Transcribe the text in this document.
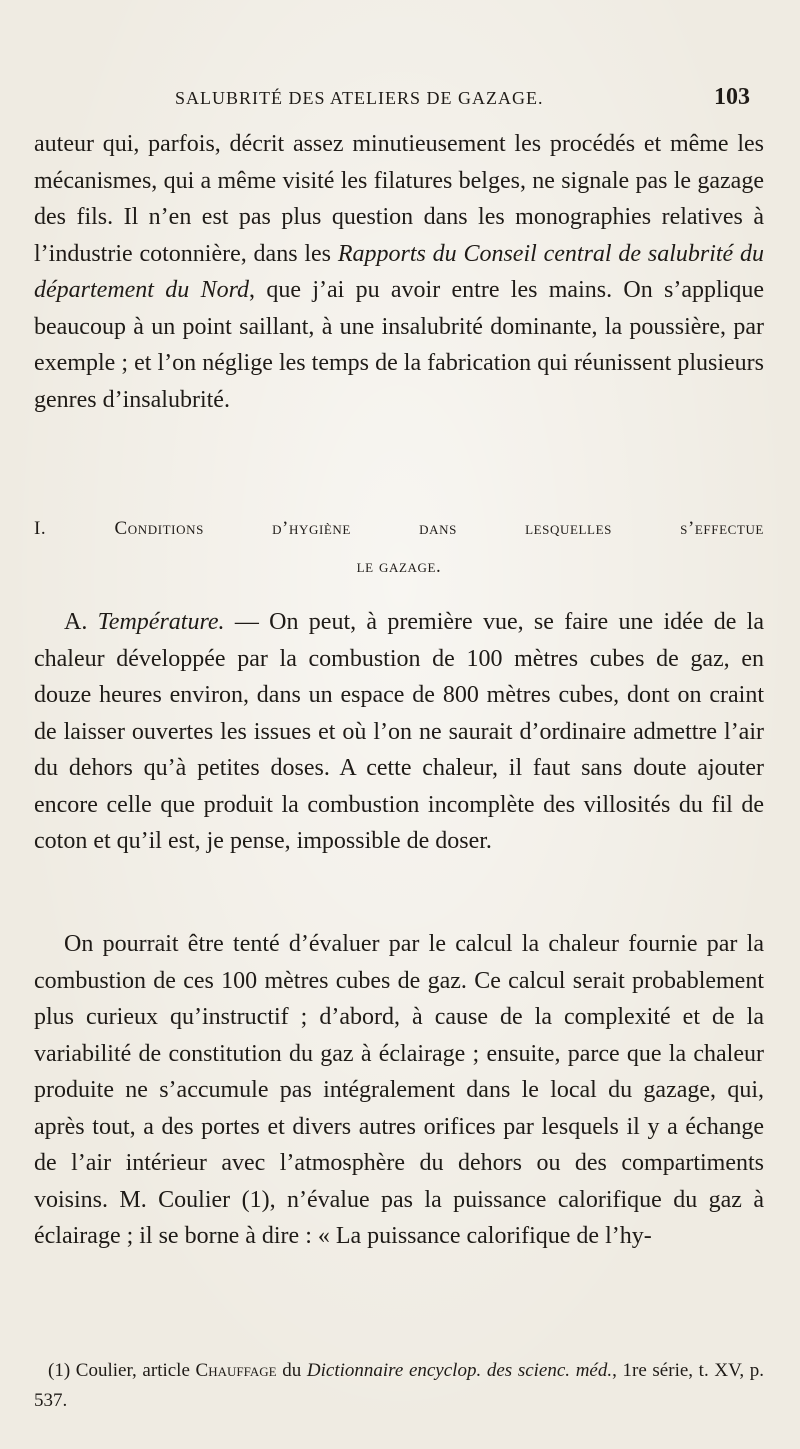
SALUBRITÉ DES ATELIERS DE GAZAGE.	103
auteur qui, parfois, décrit assez minutieusement les procédés et même les mécanismes, qui a même visité les filatures belges, ne signale pas le gazage des fils. Il n’en est pas plus question dans les monographies relatives à l’industrie cotonnière, dans les Rapports du Conseil central de salubrité du département du Nord, que j’ai pu avoir entre les mains. On s’applique beaucoup à un point saillant, à une insalubrité dominante, la poussière, par exemple ; et l’on néglige les temps de la fabrication qui réunissent plusieurs genres d’insalubrité.
I.	Conditions d’hygiène dans lesquelles s’effectue
le gazage.
A. Température. — On peut, à première vue, se faire une idée de la chaleur développée par la combustion de 100 mètres cubes de gaz, en douze heures environ, dans un espace de 800 mètres cubes, dont on craint de laisser ouvertes les issues et où l’on ne saurait d’ordinaire admettre l’air du dehors qu’à petites doses. A cette chaleur, il faut sans doute ajouter encore celle que produit la combustion incomplète des villosités du fil de coton et qu’il est, je pense, impossible de doser.
On pourrait être tenté d’évaluer par le calcul la chaleur fournie par la combustion de ces 100 mètres cubes de gaz. Ce calcul serait probablement plus curieux qu’instructif ; d’abord, à cause de la complexité et de la variabilité de constitution du gaz à éclairage ; ensuite, parce que la chaleur produite ne s’accumule pas intégralement dans le local du gazage, qui, après tout, a des portes et divers autres orifices par lesquels il y a échange de l’air intérieur avec l’atmosphère du dehors ou des compartiments voisins. M. Coulier (1), n’évalue pas la puissance calorifique du gaz à éclairage ; il se borne à dire : « La puissance calorifique de l’hy-
(1) Coulier, article Chauffage du Dictionnaire encyclop. des scienc. méd., 1re série, t. XV, p. 537.
